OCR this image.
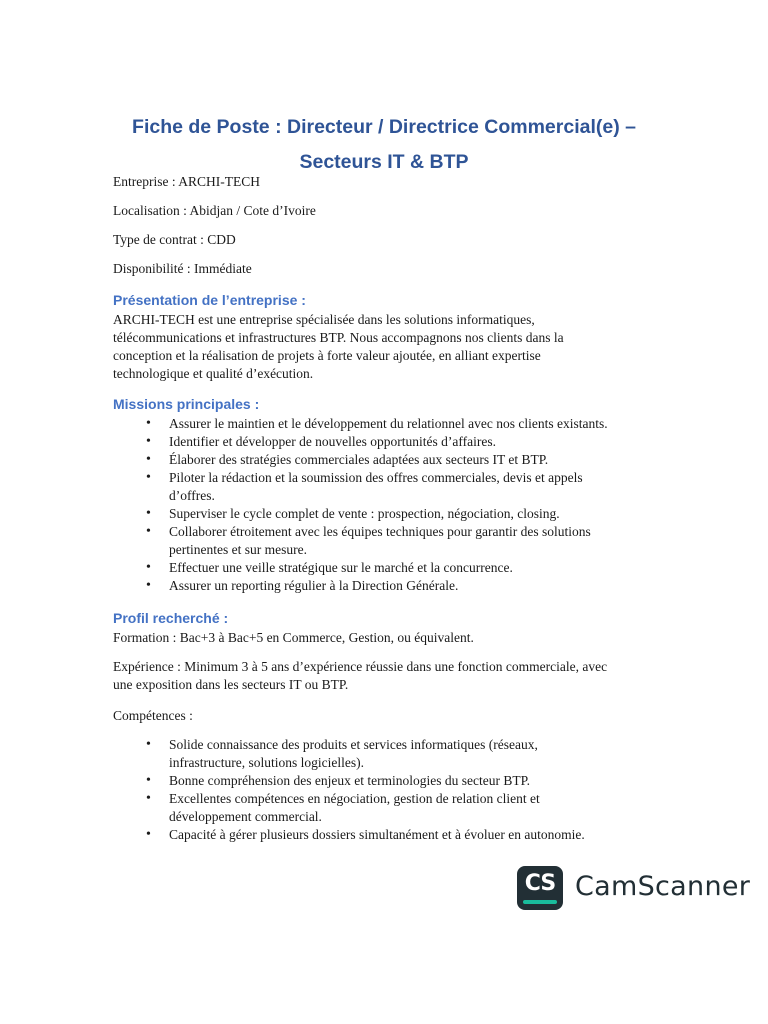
Fiche de Poste : Directeur / Directrice Commercial(e) –
Secteurs IT & BTP
Entreprise : ARCHI-TECH
Localisation : Abidjan / Cote d’Ivoire
Type de contrat : CDD
Disponibilité : Immédiate
Présentation de l’entreprise :
ARCHI-TECH est une entreprise spécialisée dans les solutions informatiques,
télécommunications et infrastructures BTP. Nous accompagnons nos clients dans la
conception et la réalisation de projets à forte valeur ajoutée, en alliant expertise
technologique et qualité d’exécution.
Missions principales :
• Assurer le maintien et le développement du relationnel avec nos clients existants.
• Identifier et développer de nouvelles opportunités d’affaires.
• Élaborer des stratégies commerciales adaptées aux secteurs IT et BTP.
• Piloter la rédaction et la soumission des offres commerciales, devis et appels
d’offres.
• Superviser le cycle complet de vente : prospection, négociation, closing.
• Collaborer étroitement avec les équipes techniques pour garantir des solutions
pertinentes et sur mesure.
• Effectuer une veille stratégique sur le marché et la concurrence.
• Assurer un reporting régulier à la Direction Générale.
Profil recherché :
Formation : Bac+3 à Bac+5 en Commerce, Gestion, ou équivalent.
Expérience : Minimum 3 à 5 ans d’expérience réussie dans une fonction commerciale, avec
une exposition dans les secteurs IT ou BTP.
Compétences :
• Solide connaissance des produits et services informatiques (réseaux,
infrastructure, solutions logicielles).
• Bonne compréhension des enjeux et terminologies du secteur BTP.
• Excellentes compétences en négociation, gestion de relation client et
développement commercial.
• Capacité à gérer plusieurs dossiers simultanément et à évoluer en autonomie.
CS CamScanner
